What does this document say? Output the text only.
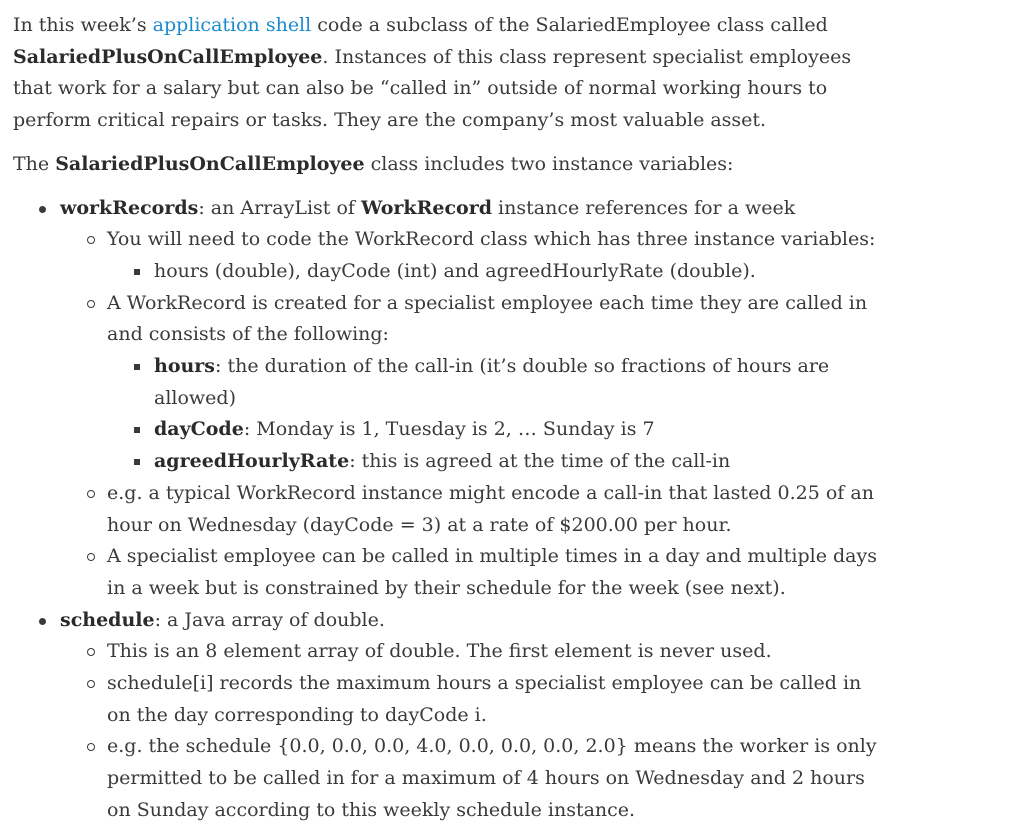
In this week’s application shell code a subclass of the SalariedEmployee class called SalariedPlusOnCallEmployee. Instances of this class represent specialist employees that work for a salary but can also be “called in” outside of normal working hours to perform critical repairs or tasks. They are the company’s most valuable asset.

The SalariedPlusOnCallEmployee class includes two instance variables:

workRecords: an ArrayList of WorkRecord instance references for a week
You will need to code the WorkRecord class which has three instance variables:
hours (double), dayCode (int) and agreedHourlyRate (double).
A WorkRecord is created for a specialist employee each time they are called in and consists of the following:
hours: the duration of the call-in (it’s double so fractions of hours are allowed)
dayCode: Monday is 1, Tuesday is 2, … Sunday is 7
agreedHourlyRate: this is agreed at the time of the call-in
e.g. a typical WorkRecord instance might encode a call-in that lasted 0.25 of an hour on Wednesday (dayCode = 3) at a rate of $200.00 per hour.
A specialist employee can be called in multiple times in a day and multiple days in a week but is constrained by their schedule for the week (see next).
schedule: a Java array of double.
This is an 8 element array of double. The first element is never used.
schedule[i] records the maximum hours a specialist employee can be called in on the day corresponding to dayCode i.
e.g. the schedule {0.0, 0.0, 0.0, 4.0, 0.0, 0.0, 0.0, 2.0} means the worker is only permitted to be called in for a maximum of 4 hours on Wednesday and 2 hours on Sunday according to this weekly schedule instance.
